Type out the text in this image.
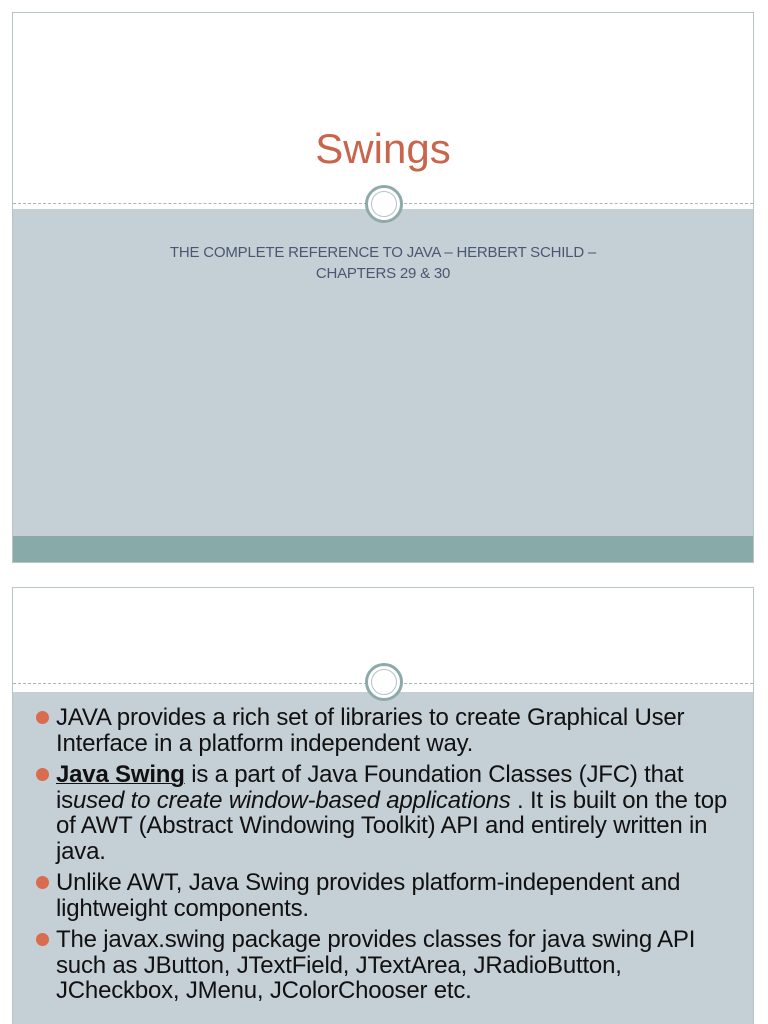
Swings
THE COMPLETE REFERENCE TO JAVA – HERBERT SCHILD –
CHAPTERS 29 & 30
JAVA provides a rich set of libraries to create Graphical User Interface in a platform independent way.
Java Swing is a part of Java Foundation Classes (JFC) that isused to create window-based applications . It is built on the top of AWT (Abstract Windowing Toolkit) API and entirely written in java.
Unlike AWT, Java Swing provides platform-independent and lightweight components.
The javax.swing package provides classes for java swing API such as JButton, JTextField, JTextArea, JRadioButton, JCheckbox, JMenu, JColorChooser etc.
